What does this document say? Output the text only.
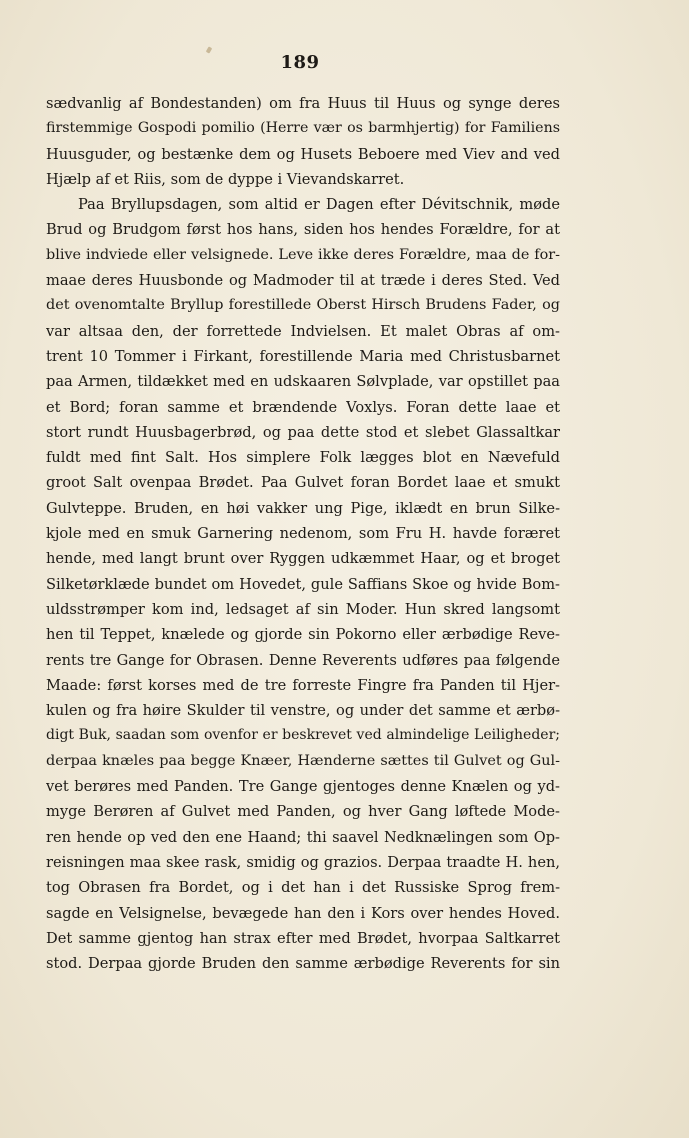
189
sædvanlig af Bondestanden) om fra Huus til Huus og synge deres
firstemmige Gospodi pomilio (Herre vær os barmhjertig) for Familiens
Huusguder, og bestænke dem og Husets Beboere med Viev and ved
Hjælp af et Riis, som de dyppe i Vievandskarret.
Paa Bryllupsdagen, som altid er Dagen efter Dévitschnik, møde
Brud og Brudgom først hos hans, siden hos hendes Forældre, for at
blive indviede eller velsignede. Leve ikke deres Forældre, maa de for-
maae deres Huusbonde og Madmoder til at træde i deres Sted. Ved
det ovenomtalte Bryllup forestillede Oberst Hirsch Brudens Fader, og
var altsaa den, der forrettede Indvielsen. Et malet Obras af om-
trent 10 Tommer i Firkant, forestillende Maria med Christusbarnet
paa Armen, tildækket med en udskaaren Sølvplade, var opstillet paa
et Bord; foran samme et brændende Voxlys. Foran dette laae et
stort rundt Huusbagerbrød, og paa dette stod et slebet Glassaltkar
fuldt med fint Salt. Hos simplere Folk lægges blot en Nævefuld
groot Salt ovenpaa Brødet. Paa Gulvet foran Bordet laae et smukt
Gulvteppe. Bruden, en høi vakker ung Pige, iklædt en brun Silke-
kjole med en smuk Garnering nedenom, som Fru H. havde foræret
hende, med langt brunt over Ryggen udkæmmet Haar, og et broget
Silketørklæde bundet om Hovedet, gule Saffians Skoe og hvide Bom-
uldsstrømper kom ind, ledsaget af sin Moder. Hun skred langsomt
hen til Teppet, knælede og gjorde sin Pokorno eller ærbødige Reve-
rents tre Gange for Obrasen. Denne Reverents udføres paa følgende
Maade: først korses med de tre forreste Fingre fra Panden til Hjer-
kulen og fra høire Skulder til venstre, og under det samme et ærbø-
digt Buk, saadan som ovenfor er beskrevet ved almindelige Leiligheder;
derpaa knæles paa begge Knæer, Hænderne sættes til Gulvet og Gul-
vet berøres med Panden. Tre Gange gjentoges denne Knælen og yd-
myge Berøren af Gulvet med Panden, og hver Gang løftede Mode-
ren hende op ved den ene Haand; thi saavel Nedknælingen som Op-
reisningen maa skee rask, smidig og grazios. Derpaa traadte H. hen,
tog Obrasen fra Bordet, og i det han i det Russiske Sprog frem-
sagde en Velsignelse, bevægede han den i Kors over hendes Hoved.
Det samme gjentog han strax efter med Brødet, hvorpaa Saltkarret
stod. Derpaa gjorde Bruden den samme ærbødige Reverents for sin
